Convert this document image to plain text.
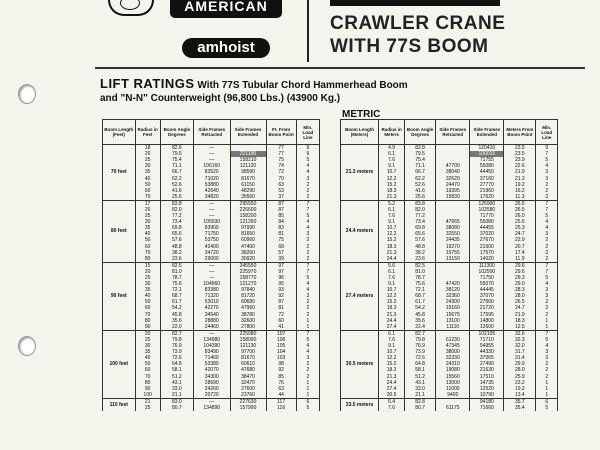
AMERICAN
amhoist
CRAWLER CRANE
WITH 77S BOOM
LIFT RATINGS With 77S Tubular Chord Hammerhead Boom
and "N-N" Counterweight (96,800 Lbs.) (43900 Kg.)
METRIC
Boom Length (Feet)	Radius in Feet	Boom Angle Degrees	Side Frames Retracted	Side Frames Extended	Ft. From Boom Point	Min. Load Line
70 feet	18	82.6	—		77	9
	20	79.5	—	221190	77	9
	25	75.4	—	158210	75	5
	30	71.1	106160	121120	74	4
	35	66.7	83520	98590	72	4
	40	62.2	71020	81670	70	3
	50	52.6	53880	61150	63	2
	60	41.6	42640	48290	53	2
	70	25.6	34820	35560	37	2
80 feet	17	83.8	—	295550	87	7
	20	82.0	—	226600	87	7
	25	77.2	—	158200	85	5
	30	73.4	105030	121260	84	4
	35	69.8	83900	97990	83	4
	40	65.6	71750	81650	81	3
	50	57.6	53750	60960	75	2
	60	48.8	42400	47400	68	2
	70	38.2	34720	38260	57	2
	80	23.6	29000	30920	39	2
90 feet	15	82.5	—	345550	97	7
	20	81.0	—	225970	97	7
	25	78.7	—	158770	96	5
	30	75.6	104560	121270	95	4
	35	72.1	83380	97840	93	4
	40	68.7	71320	81720	92	3
	50	61.7	53010	60680	87	2
	60	54.2	42270	47960	81	2
	70	45.8	34540	38780	72	2
	80	35.6	28880	32600	60	1
	90	22.0	24460	27800	41	1
100 feet	20	82.7	—	225080	107	7
	25	79.8	134980	158090	106	5
	30	76.9	104390	121130	105	4
	35	73.9	83490	97700	104	4
	40	72.6	71460	81670	103	3
	50	64.8	53380	60610	98	2
	60	58.1	42070	47680	92	2
	70	51.2	34300	38470	85	2
	80	43.1	28690	32470	76	1
	90	33.0	24260	27600	63	1
	100	21.1	20720	23760	44	1
110 feet	21	83.0	—	227630	117	6
	25	80.7	134890	157990	116	5
Boom Length (Meters)	Radius in Meters	Boom Angle Degrees	Side Frames Retracted	Side Frames Extended	Meters From Boom Point	Min. Load Line
21.3 meters	4.9	82.8		120410	23.5	9
	6.1	79.5		100015	23.5	7
	7.6	75.4		71755	23.9	5
	9.1	71.1	47700	55080	22.6	4
	10.7	66.7	38040	44450	21.9	3
	12.2	62.2	32620	37160	21.3	3
	15.2	52.6	24470	27770	19.2	2
	18.3	41.6	19395	21960	16.2	2
	21.3	25.6	15830	17620	11.3	2
24.4 meters	5.2	83.8		125900	26.5	7
	6.1	82.0		102580	26.5	7
	7.6	77.2		71770	26.0	5
	9.1	73.4	47665	55080	25.6	4
	10.7	69.8	38080	44455	25.3	4
	12.2	65.6	32550	37020	24.7	3
	15.2	57.6	24435	27670	22.9	2
	18.3	48.8	19270	21500	20.7	2
	21.3	38.2	15755	17570	17.4	2
	24.4	23.6	13150	14020	11.9	2
27.4 meters	5.6	82.5		111300	29.6	7
	6.1	81.0		102500	29.6	7
	7.6	78.7		71750	29.3	5
	9.1	75.6	47420	55070	29.0	4
	10.7	72.1	38120	44445	28.3	3
	12.2	68.7	32360	37070	28.0	3
	15.2	61.7	24300	27560	26.5	2
	18.3	54.2	19160	21720	24.7	2
	21.3	45.8	15675	17595	21.9	2
	24.4	35.6	13100	14800	18.3	1
	27.4	22.4	11110	12600	12.5	1
30.5 meters	6.1	82.7		102105	32.6	7
	7.6	79.8	61230	71710	32.3	5
	9.1	76.9	47345	54955	32.0	4
	10.7	73.9	38000	44330	31.7	3
	12.2	72.6	32330	37065	31.4	3
	15.2	64.8	24310	27490	29.9	2
	18.3	58.1	19080	21630	28.0	2
	21.3	51.2	15560	17510	25.9	2
	24.4	43.1	13000	14735	23.2	1
	27.4	33.0	11000	12520	19.2	1
	30.5	21.1	9400	10790	13.4	1
33.5 meters	6.4	82.8		94180	35.7	6
	7.6	80.7	61175	71660	35.4	5
